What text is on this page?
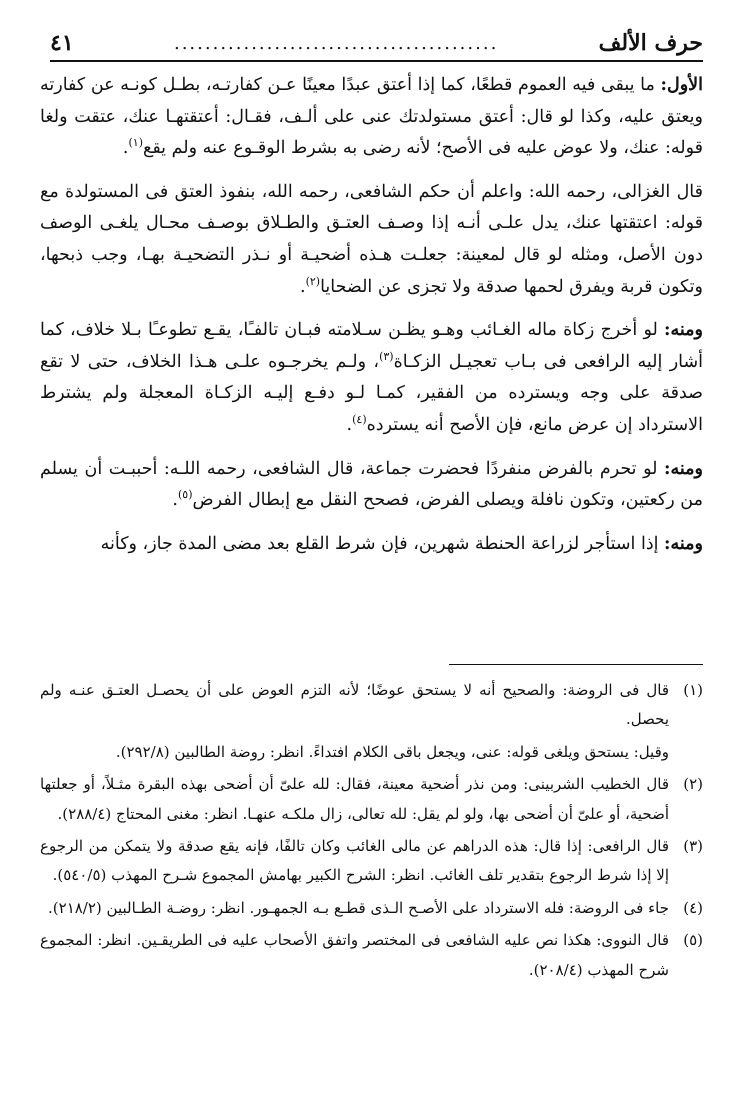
حرف الألف
..........................................
٤١

الأول: ما يبقى فيه العموم قطعًا، كما إذا أعتق عبدًا معينًا عـن كفارتـه، بطـل كونـه عن كفارته ويعتق عليه، وكذا لو قال: أعتق مستولدتك عنى على ألـف، فقـال: أعتقتهـا عنك، عتقت ولغا قوله: عنك، ولا عوض عليه فى الأصح؛ لأنه رضى به بشرط الوقـوع عنه ولم يقع$^{(١)}$.

قال الغزالى، رحمه الله: واعلم أن حكم الشافعى، رحمه الله، بنفوذ العتق فى المستولدة مع قوله: اعتقتها عنك، يدل علـى أنـه إذا وصـف العتـق والطـلاق بوصـف محـال يلغـى الوصف دون الأصل، ومثله لو قال لمعينة: جعلـت هـذه أضحيـة أو نـذر التضحيـة بهـا، وجب ذبحها، وتكون قربة ويفرق لحمها صدقة ولا تجزى عن الضحايا$^{(٢)}$.

ومنه: لو أخرج زكاة ماله الغـائب وهـو يظـن سـلامته فبـان تالفـًا، يقـع تطوعـًا بـلا خلاف، كما أشار إليه الرافعى فى بـاب تعجيـل الزكـاة$^{(٣)}$، ولـم يخرجـوه علـى هـذا الخلاف، حتى لا تقع صدقة على وجه ويسترده من الفقير، كمـا لـو دفـع إليـه الزكـاة المعجلة ولم يشترط الاسترداد إن عرض مانع، فإن الأصح أنه يسترده$^{(٤)}$.

ومنه: لو تحرم بالفرض منفردًا فحضرت جماعة، قال الشافعى، رحمه اللـه: أحببـت أن يسلم من ركعتين، وتكون نافلة ويصلى الفرض، فصحح النقل مع إبطال الفرض$^{(٥)}$.

ومنه: إذا استأجر لزراعة الحنطة شهرين، فإن شرط القلع بعد مضى المدة جاز، وكأنه

(١)
قال فى الروضة: والصحيح أنه لا يستحق عوضًا؛ لأنه التزم العوض على أن يحصـل العتـق عنـه ولم يحصل.
وقيل: يستحق ويلغى قوله: عنى، ويجعل باقى الكلام افتداءً. انظر: روضة الطالبين (٢٩٢/٨).
(٢)
قال الخطيب الشربينى: ومن نذر أضحية معينة، فقال: لله علىّ أن أضحى بهذه البقرة مثـلاً، أو جعلتها أضحية، أو علىّ أن أضحى بها، ولو لم يقل: لله تعالى، زال ملكـه عنهـا. انظر: مغنى المحتاج (٢٨٨/٤).
(٣)
قال الرافعى: إذا قال: هذه الدراهم عن مالى الغائب وكان تالفًا، فإنه يقع صدقة ولا يتمكن من الرجوع إلا إذا شرط الرجوع بتقدير تلف الغائب. انظر: الشرح الكبير بهامش المجموع شـرح المهذب (٥٤٠/٥).
(٤)
جاء فى الروضة: فله الاسترداد على الأصـح الـذى قطـع بـه الجمهـور. انظر: روضـة الطـالبين (٢١٨/٢).
(٥)
قال النووى: هكذا نص عليه الشافعى فى المختصر واتفق الأصحاب عليه فى الطريقـين. انظر: المجموع شرح المهذب (٢٠٨/٤).
